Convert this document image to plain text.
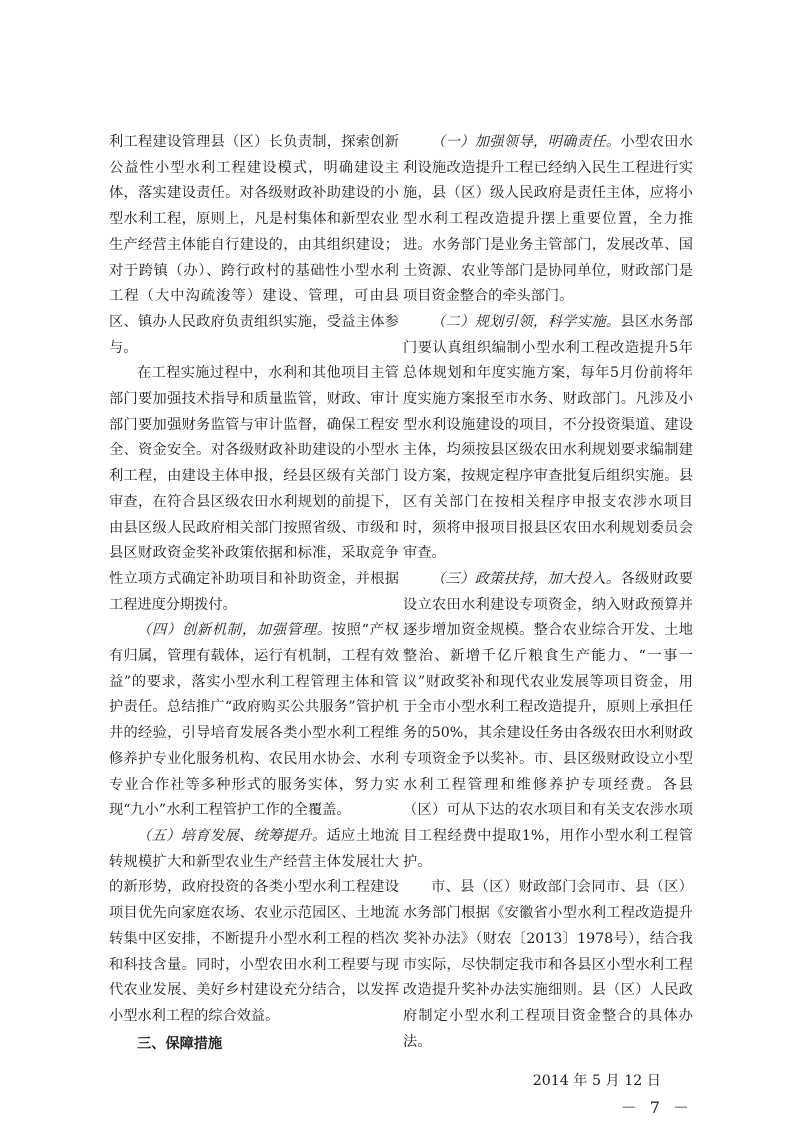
利工程建设管理县（区）长负责制，探索创新公益性小型水利工程建设模式，明确建设主体，落实建设责任。对各级财政补助建设的小型水利工程，原则上，凡是村集体和新型农业生产经营主体能自行建设的，由其组织建设；对于跨镇（办）、跨行政村的基础性小型水利工程（大中沟疏浚等）建设、管理，可由县区、镇办人民政府负责组织实施，受益主体参与。

在工程实施过程中，水利和其他项目主管部门要加强技术指导和质量监管，财政、审计部门要加强财务监管与审计监督，确保工程安全、资金安全。对各级财政补助建设的小型水利工程，由建设主体申报，经县区级有关部门审查，在符合县区级农田水利规划的前提下，由县区级人民政府相关部门按照省级、市级和县区财政资金奖补政策依据和标准，采取竞争性立项方式确定补助项目和补助资金，并根据工程进度分期拨付。

（四）创新机制，加强管理。按照“产权有归属，管理有载体，运行有机制，工程有效益”的要求，落实小型水利工程管理主体和管护责任。总结推广“政府购买公共服务”管护机井的经验，引导培育发展各类小型水利工程维修养护专业化服务机构、农民用水协会、水利专业合作社等多种形式的服务实体，努力实现“九小”水利工程管护工作的全覆盖。

（五）培育发展、统筹提升。适应土地流转规模扩大和新型农业生产经营主体发展壮大的新形势，政府投资的各类小型水利工程建设项目优先向家庭农场、农业示范园区、土地流转集中区安排，不断提升小型水利工程的档次和科技含量。同时，小型农田水利工程要与现代农业发展、美好乡村建设充分结合，以发挥小型水利工程的综合效益。

三、保障措施

（一）加强领导，明确责任。小型农田水利设施改造提升工程已经纳入民生工程进行实施，县（区）级人民政府是责任主体，应将小型水利工程改造提升摆上重要位置，全力推进。水务部门是业务主管部门，发展改革、国土资源、农业等部门是协同单位，财政部门是项目资金整合的牵头部门。

（二）规划引领，科学实施。县区水务部门要认真组织编制小型水利工程改造提升5年总体规划和年度实施方案，每年5月份前将年度实施方案报至市水务、财政部门。凡涉及小型水利设施建设的项目，不分投资渠道、建设主体，均须按县区级农田水利规划要求编制建设方案，按规定程序审查批复后组织实施。县区有关部门在按相关程序申报支农涉水项目时，须将申报项目报县区农田水利规划委员会审查。

（三）政策扶持，加大投入。各级财政要设立农田水利建设专项资金，纳入财政预算并逐步增加资金规模。整合农业综合开发、土地整治、新增千亿斤粮食生产能力、“一事一议”财政奖补和现代农业发展等项目资金，用于全市小型水利工程改造提升，原则上承担任务的50%，其余建设任务由各级农田水利财政专项资金予以奖补。市、县区级财政设立小型水利工程管理和维修养护专项经费。各县（区）可从下达的农水项目和有关支农涉水项目工程经费中提取1%，用作小型水利工程管护。

市、县（区）财政部门会同市、县（区）水务部门根据《安徽省小型水利工程改造提升奖补办法》（财农〔2013〕1978号），结合我市实际，尽快制定我市和各县区小型水利工程改造提升奖补办法实施细则。县（区）人民政府制定小型水利工程项目资金整合的具体办法。

2014 年 5 月 12 日

－ 7 －
